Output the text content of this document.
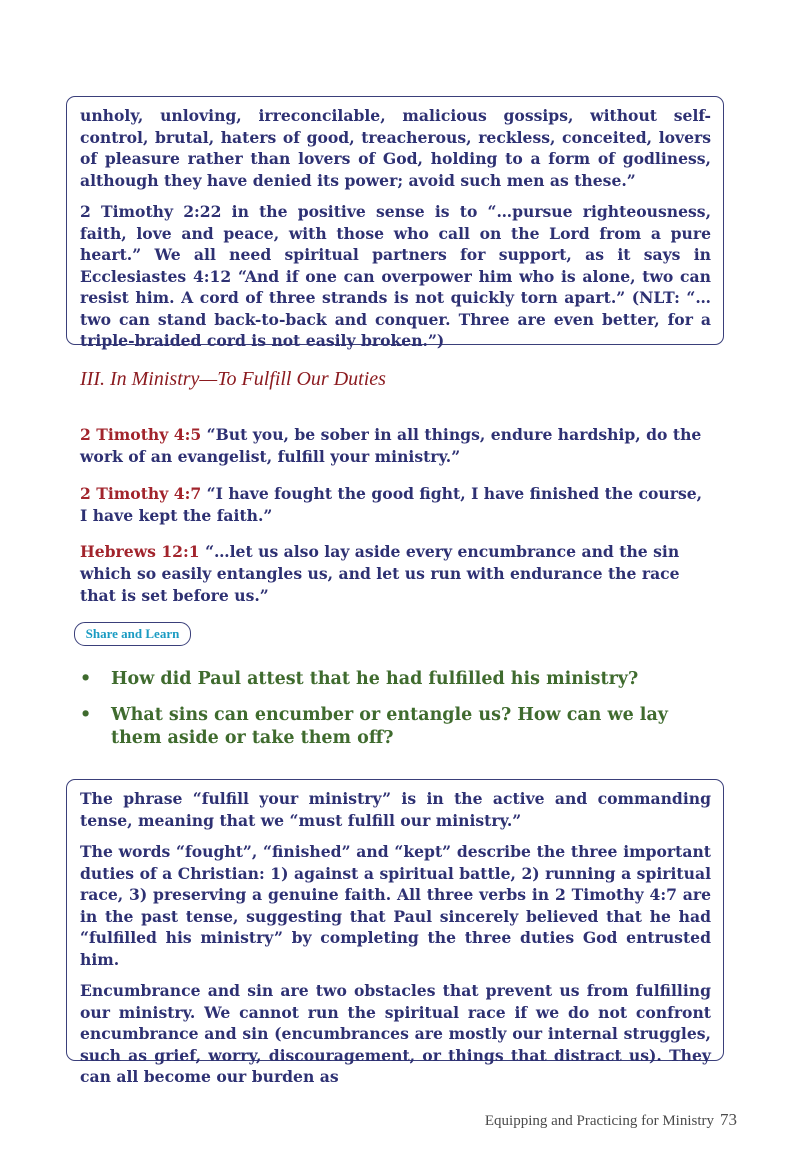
unholy, unloving, irreconcilable, malicious gossips, without self-control, brutal, haters of good, treacherous, reckless, conceited, lovers of pleasure rather than lovers of God, holding to a form of godliness, although they have denied its power; avoid such men as these.”

2 Timothy 2:22 in the positive sense is to “…pursue righteousness, faith, love and peace, with those who call on the Lord from a pure heart.” We all need spiritual partners for support, as it says in Ecclesiastes 4:12 “And if one can overpower him who is alone, two can resist him. A cord of three strands is not quickly torn apart.” (NLT: “…two can stand back-to-back and conquer. Three are even better, for a triple-braided cord is not easily broken.”)

III. In Ministry—To Fulfill Our Duties

2 Timothy 4:5 “But you, be sober in all things, endure hardship, do the work of an evangelist, fulfill your ministry.”

2 Timothy 4:7 “I have fought the good fight, I have finished the course, I have kept the faith.”

Hebrews 12:1 “…let us also lay aside every encumbrance and the sin which so easily entangles us, and let us run with endurance the race that is set before us.”

Share and Learn
• How did Paul attest that he had fulfilled his ministry?
• What sins can encumber or entangle us? How can we lay them aside or take them off?

The phrase “fulfill your ministry” is in the active and commanding tense, meaning that we “must fulfill our ministry.”

The words “fought”, “finished” and “kept” describe the three important duties of a Christian: 1) against a spiritual battle, 2) running a spiritual race, 3) preserving a genuine faith. All three verbs in 2 Timothy 4:7 are in the past tense, suggesting that Paul sincerely believed that he had “fulfilled his ministry” by completing the three duties God entrusted him.

Encumbrance and sin are two obstacles that prevent us from fulfilling our ministry. We cannot run the spiritual race if we do not confront encumbrance and sin (encumbrances are mostly our internal struggles, such as grief, worry, discouragement, or things that distract us). They can all become our burden as

Equipping and Practicing for Ministry 73
